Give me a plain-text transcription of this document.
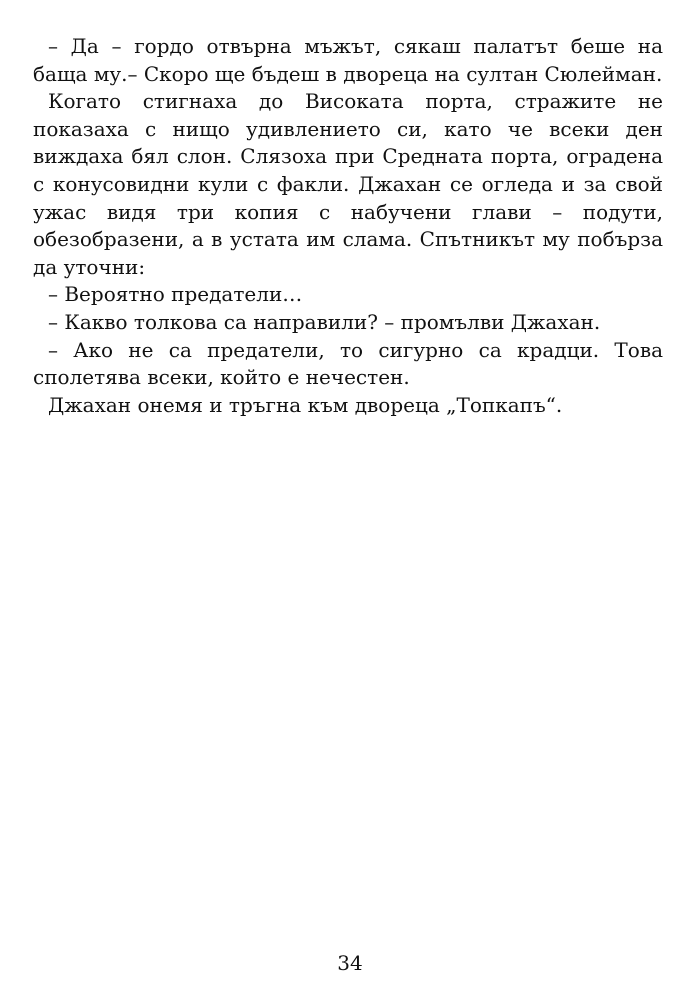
– Да – гордо отвърна мъжът, сякаш палатът беше на баща му.– Скоро ще бъдеш в двореца на султан Сюлейман.

Когато стигнаха до Високата порта, стражите не показаха с нищо удивлението си, като че всеки ден виждаха бял слон. Слязоха при Средната порта, оградена с конусовидни кули с факли. Джахан се огледа и за свой ужас видя три копия с набучени глави – подути, обезобразени, а в устата им слама. Спътникът му побърза да уточни:

– Вероятно предатели…

– Какво толкова са направили? – промълви Джахан.

– Ако не са предатели, то сигурно са крадци. Това сполетява всеки, който е нечестен.

Джахан онемя и тръгна към двореца „Топкапъ“.

34
